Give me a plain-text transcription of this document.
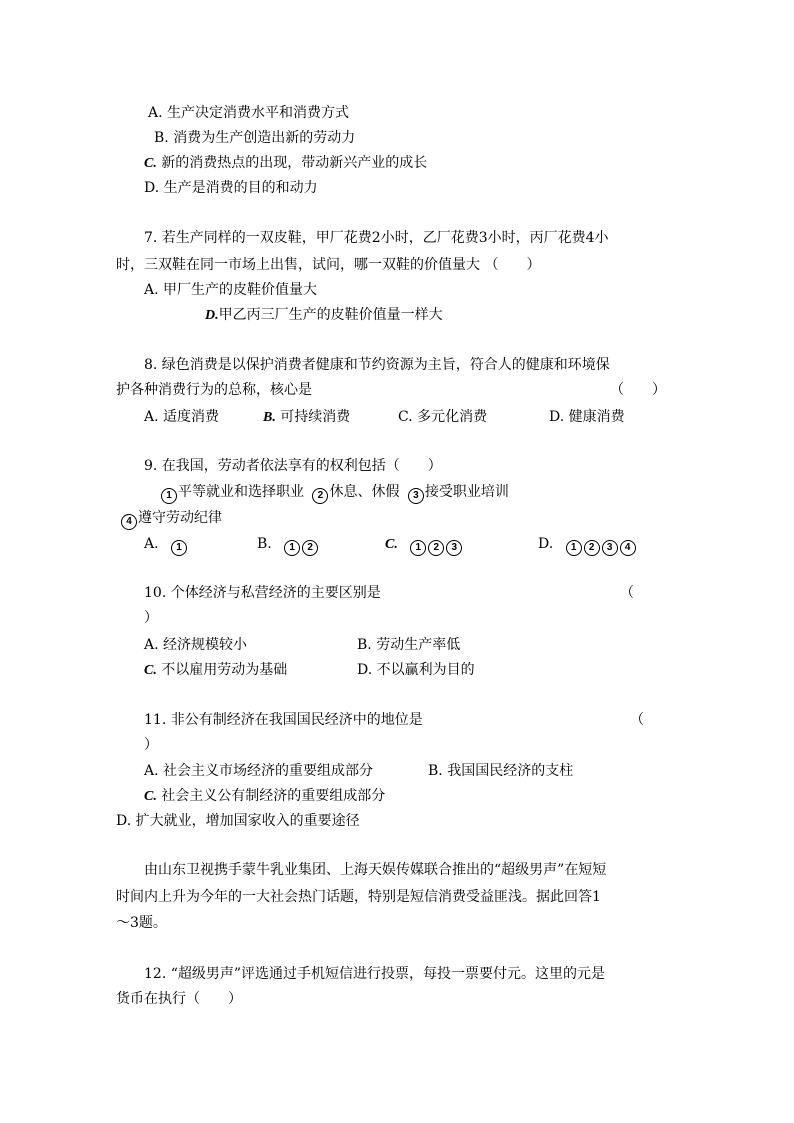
A. 生产决定消费水平和消费方式
B. 消费为生产创造出新的劳动力
C. 新的消费热点的出现，带动新兴产业的成长
D. 生产是消费的目的和动力
7. 若生产同样的一双皮鞋，甲厂花费2小时，乙厂花费3小时，丙厂花费4小
时，三双鞋在同一市场上出售，试问，哪一双鞋的价值量大 （　　）
A. 甲厂生产的皮鞋价值量大
D.甲乙丙三厂生产的皮鞋价值量一样大
8. 绿色消费是以保护消费者健康和节约资源为主旨，符合人的健康和环境保
护各种消费行为的总称，核心是	（　　）
A. 适度消费	B. 可持续消费	C. 多元化消费	D. 健康消费
9. 在我国，劳动者依法享有的权利包括（　　）
1 平等就业和选择职业 2 休息、休假 3 接受职业培训
4 遵守劳动纪律
A. 1	B. 1 2	C. 1 2 3	D. 1 2 3 4
10. 个体经济与私营经济的主要区别是	（
）
A. 经济规模较小	B. 劳动生产率低
C. 不以雇用劳动为基础	D. 不以赢利为目的
11. 非公有制经济在我国国民经济中的地位是	（
）
A. 社会主义市场经济的重要组成部分	B. 我国国民经济的支柱
C. 社会主义公有制经济的重要组成部分
D. 扩大就业，增加国家收入的重要途径
由山东卫视携手蒙牛乳业集团、上海天娱传媒联合推出的“超级男声”在短短
时间内上升为今年的一大社会热门话题，特别是短信消费受益匪浅。据此回答1
～3题。
12. “超级男声”评选通过手机短信进行投票，每投一票要付元。这里的元是
货币在执行（　　）
